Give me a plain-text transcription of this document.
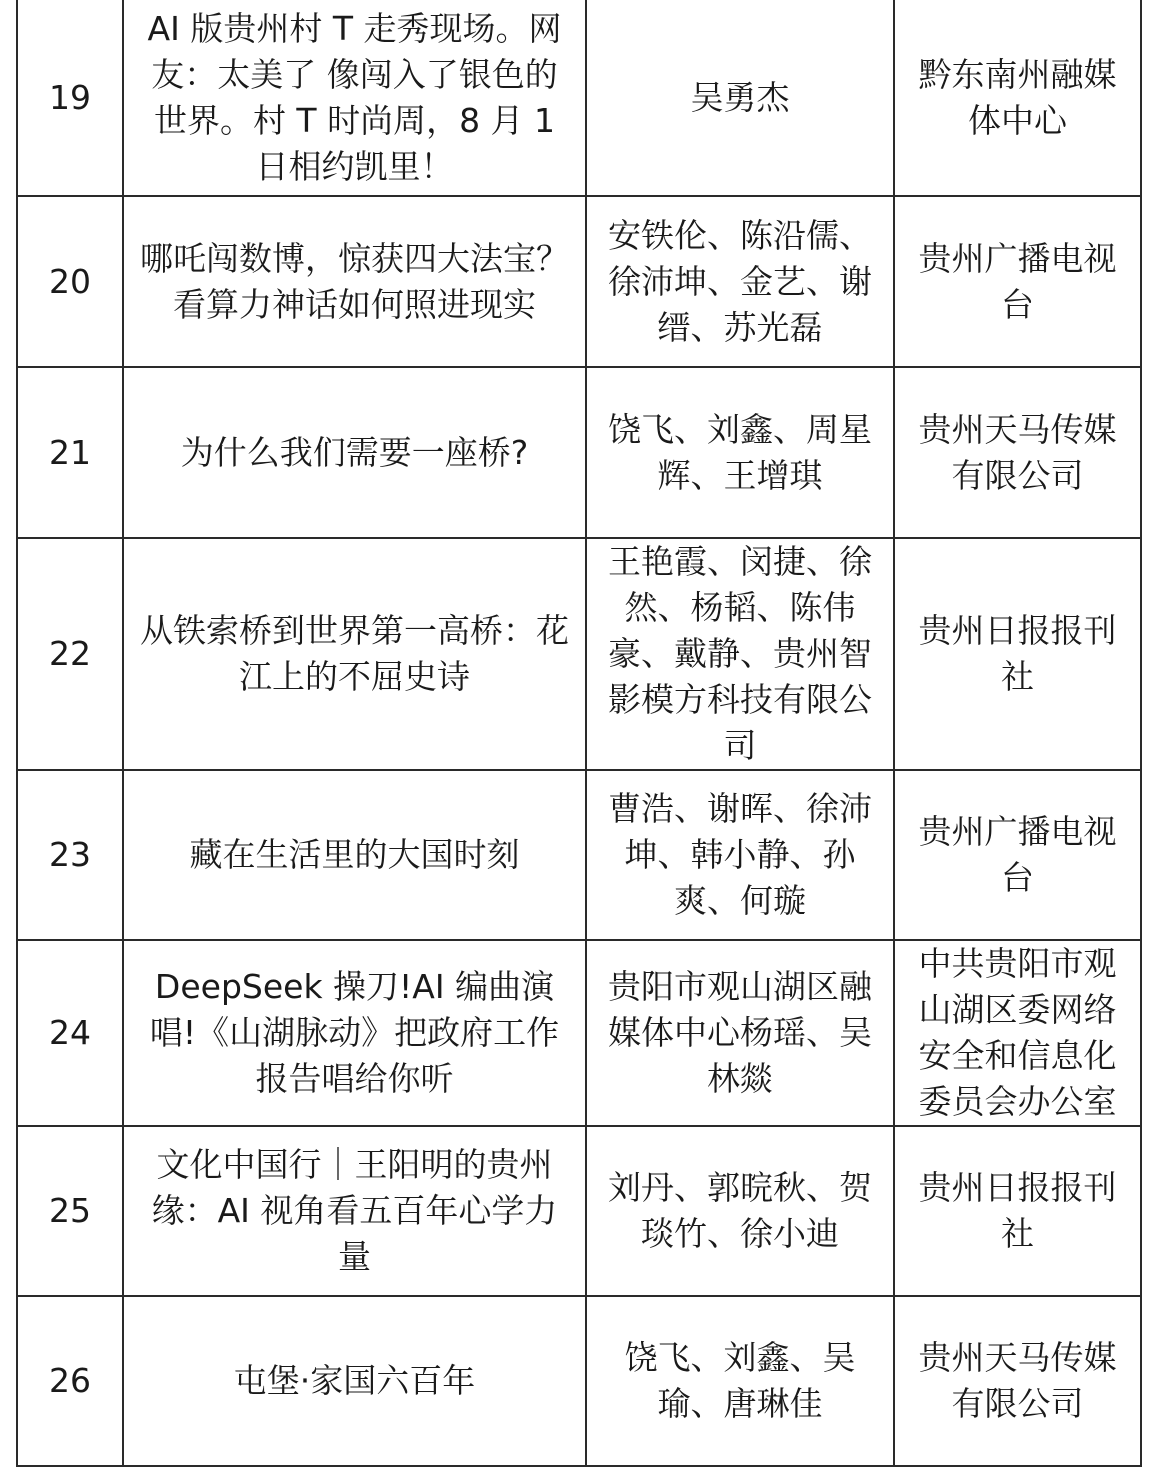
19	AI 版贵州村 T 走秀现场。网友：太美了 像闯入了银色的世界。村 T 时尚周，8 月 1 日相约凯里！	吴勇杰	黔东南州融媒体中心
20	哪吒闯数博，惊获四大法宝？看算力神话如何照进现实	安铁伦、陈沿儒、徐沛坤、金艺、谢缙、苏光磊	贵州广播电视台
21	为什么我们需要一座桥?	饶飞、刘鑫、周星辉、王增琪	贵州天马传媒有限公司
22	从铁索桥到世界第一高桥：花江上的不屈史诗	王艳霞、闵捷、徐然、杨韬、陈伟豪、戴静、贵州智影模方科技有限公司	贵州日报报刊社
23	藏在生活里的大国时刻	曹浩、谢晖、徐沛坤、韩小静、孙爽、何璇	贵州广播电视台
24	DeepSeek 操刀!AI 编曲演唱!《山湖脉动》把政府工作报告唱给你听	贵阳市观山湖区融媒体中心杨瑶、吴林燚	中共贵阳市观山湖区委网络安全和信息化委员会办公室
25	文化中国行｜王阳明的贵州缘：AI 视角看五百年心学力量	刘丹、郭晥秋、贺琰竹、徐小迪	贵州日报报刊社
26	屯堡·家国六百年	饶飞、刘鑫、吴瑜、唐琳佳	贵州天马传媒有限公司
